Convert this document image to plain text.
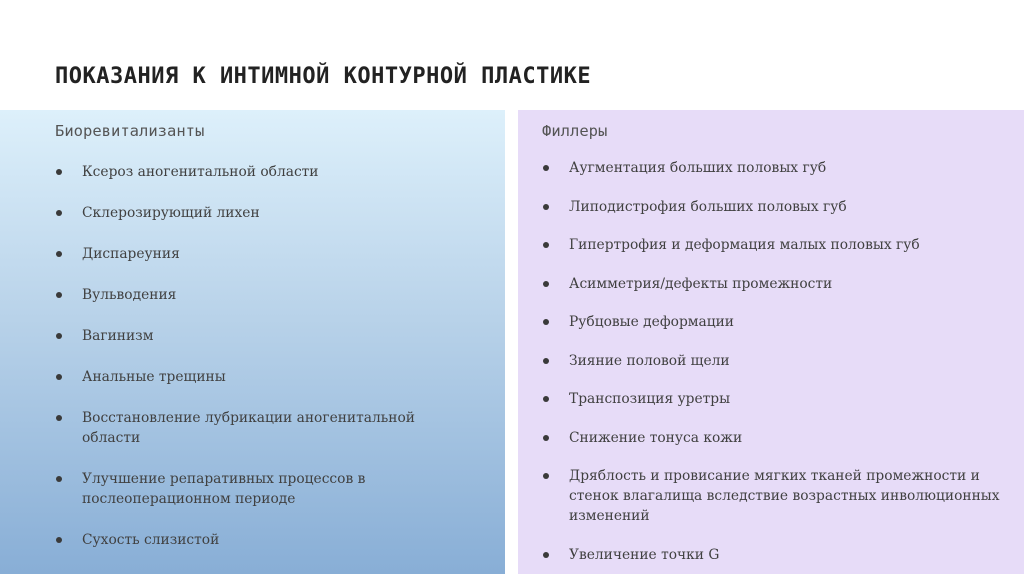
ПОКАЗАНИЯ К ИНТИМНОЙ КОНТУРНОЙ ПЛАСТИКЕ
Биоревитализанты
Ксероз аногенитальной области
Склерозирующий лихен
Диспареуния
Вульводения
Вагинизм
Анальные трещины
Восстановление лубрикации аногенитальной области
Улучшение репаративных процессов в послеоперационном периоде
Сухость слизистой
Филлеры
Аугментация больших половых губ
Липодистрофия больших половых губ
Гипертрофия и деформация малых половых губ
Асимметрия/дефекты промежности
Рубцовые деформации
Зияние половой щели
Транспозиция уретры
Снижение тонуса кожи
Дряблость и провисание мягких тканей промежности и стенок влагалища вследствие возрастных инволюционных изменений
Увеличение точки G
